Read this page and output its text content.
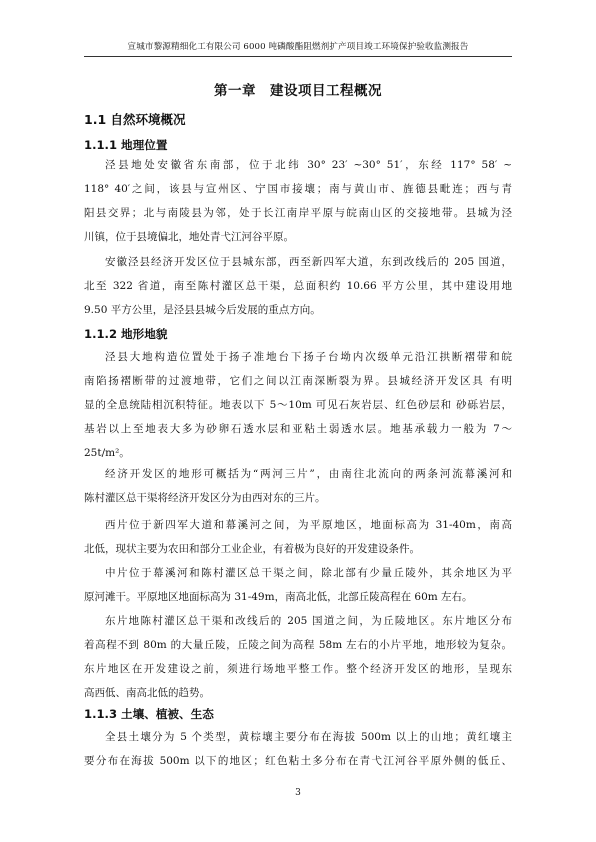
宣城市黎源精细化工有限公司 6000 吨磷酸酯阻燃剂扩产项目竣工环境保护验收监测报告
第一章　建设项目工程概况
1.1 自然环境概况
1.1.1 地理位置
泾县地处安徽省东南部，位于北纬 30° 23′ ~30° 51′，东经 117° 58′ ~
118° 40′之间，该县与宣州区、宁国市接壤；南与黄山市、旌德县毗连；西与青
阳县交界；北与南陵县为邻，处于长江南岸平原与皖南山区的交接地带。县城为泾
川镇，位于县境偏北，地处青弋江河谷平原。
安徽泾县经济开发区位于县城东部，西至新四军大道，东到改线后的 205 国道，
北至 322 省道，南至陈村灌区总干渠，总面积约 10.66 平方公里，其中建设用地
9.50 平方公里，是泾县县城今后发展的重点方向。
1.1.2 地形地貌
泾县大地构造位置处于扬子准地台下扬子台坳内次级单元沿江拱断褶带和皖
南陷扬褶断带的过渡地带，它们之间以江南深断裂为界。县城经济开发区具 有明
显的全息统陆相沉积特征。地表以下 5～10m 可见石灰岩层、红色砂层和 砂砾岩层，
基岩以上至地表大多为砂卵石透水层和亚粘土弱透水层。地基承载力一般为 7～
25t/m²。
经济开发区的地形可概括为“两河三片”，由南往北流向的两条河流幕溪河和
陈村灌区总干渠将经济开发区分为由西对东的三片。
西片位于新四军大道和幕溪河之间，为平原地区，地面标高为 31-40m，南高
北低，现状主要为农田和部分工业企业，有着极为良好的开发建设条件。
中片位于幕溪河和陈村灌区总干渠之间，除北部有少量丘陵外，其余地区为平
原河滩干。平原地区地面标高为 31-49m，南高北低，北部丘陵高程在 60m 左右。
东片地陈村灌区总干渠和改线后的 205 国道之间，为丘陵地区。东片地区分布
着高程不到 80m 的大量丘陵，丘陵之间为高程 58m 左右的小片平地，地形较为复杂。
东片地区在开发建设之前，须进行场地平整工作。整个经济开发区的地形，呈现东
高西低、南高北低的趋势。
1.1.3 土壤、植被、生态
全县土壤分为 5 个类型，黄棕壤主要分布在海拔 500m 以上的山地；黄红壤主
要分布在海拔 500m 以下的地区；红色粘土多分布在青弋江河谷平原外侧的低丘、
3
